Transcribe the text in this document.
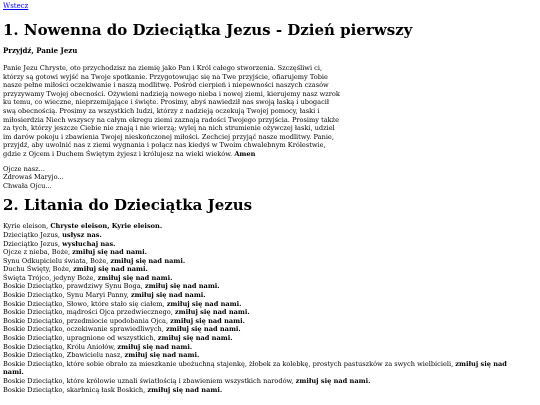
Wstecz
1. Nowenna do Dzieciątka Jezus - Dzień pierwszy

Przyjdź, Panie Jezu

Panie Jezu Chryste, oto przychodzisz na ziemię jako Pan i Król całego stworzenia. Szczęśliwi ci, którzy są gotowi wyjść na Twoje spotkanie. Przygotowując się na Twe przyjście, ofiarujemy Tobie nasze pełne miłości oczekiwanie i naszą modlitwę. Pośród cierpień i niepewności naszych czasów przyzywamy Twojej obecności. Ożywieni nadzieją nowego nieba i nowej ziemi, kierujemy nasz wzrok ku temu, co wieczne, nieprzemijające i święte. Prosimy, abyś nawiedził nas swoją łaską i ubogacił swą obecnością. Prosimy za wszystkich ludzi, którzy z nadzieją oczekują Twojej pomocy, łaski i miłosierdzia Niech wszyscy na całym ekregu ziemi zaznają radości Twojego przyjścia. Prosimy także za tych, którzy jeszcze Ciebie nie znają i nie wierzą; wyleį na nich strumienie ożywczej łaski, udziel im darów pokoju i zbawienia Twojej nieskończonej miłości. Zechciej przyjąć nasze modlitwy. Panie, przyjdź, aby uwolnić nas z ziemi wygnania i połącz nas kiedyś w Twoim chwalebnym Królestwie, gdzie z Ojcem i Duchem Świętym żyjesz i królujesz na wieki wieków. Amen

Ojcze nasz...
Zdrowaś Maryjo...
Chwała Ojcu...
2. Litania do Dzieciątka Jezus
Kyrie eleison, Chryste eleison, Kyrie eleison.
Dzieciątko Jezus, usłysz nas.
Dzieciątko Jezus, wysłuchaj nas.
Ojcze z nieba, Boże, zmiłuj się nad nami.
Synu Odkupicielu świata, Boże, zmiłuj się nad nami.
Duchu Święty, Boże, zmiłuj się nad nami.
Święta Trójco, jedyny Boże, zmiłuj się nad nami.
Boskie Dzieciątko, prawdziwy Synu Boga, zmiłuj się nad nami.
Boskie Dzieciątko, Synu Maryi Panny, zmiłuj się nad nami.
Boskie Dzieciątko, Słowo, które stało się ciałem, zmiłuj się nad nami.
Boskie Dzieciątko, mądrości Ojca przedwiecznego, zmiłuj się nad nami.
Boskie Dzieciątko, przedmiocie upodobania Ojca, zmiłuj się nad nami.
Boskie Dzieciątko, oczekiwanie sprawiedliwych, zmiłuj się nad nami.
Boskie Dzieciątko, upragnione od wszystkich, zmiłuj się nad nami.
Boskie Dzieciątko, Królu Aniołów, zmiłuj się nad nami.
Boskie Dzieciątko, Zbawicielu nasz, zmiłuj się nad nami.
Boskie Dzieciątko, które sobie obrało za mieszkanie ubożuchną stajenkę, żłobek za kolebkę, prostych pastuszków za swych wielbicieli, zmiłuj się nad nami.
Boskie Dzieciątko, które królowie uznali światłością i zbawieniem wszystkich narodów, zmiłuj się nad nami.
Boskie Dzieciątko, skarbnicą łask Boskich, zmiłuj się nad nami.
